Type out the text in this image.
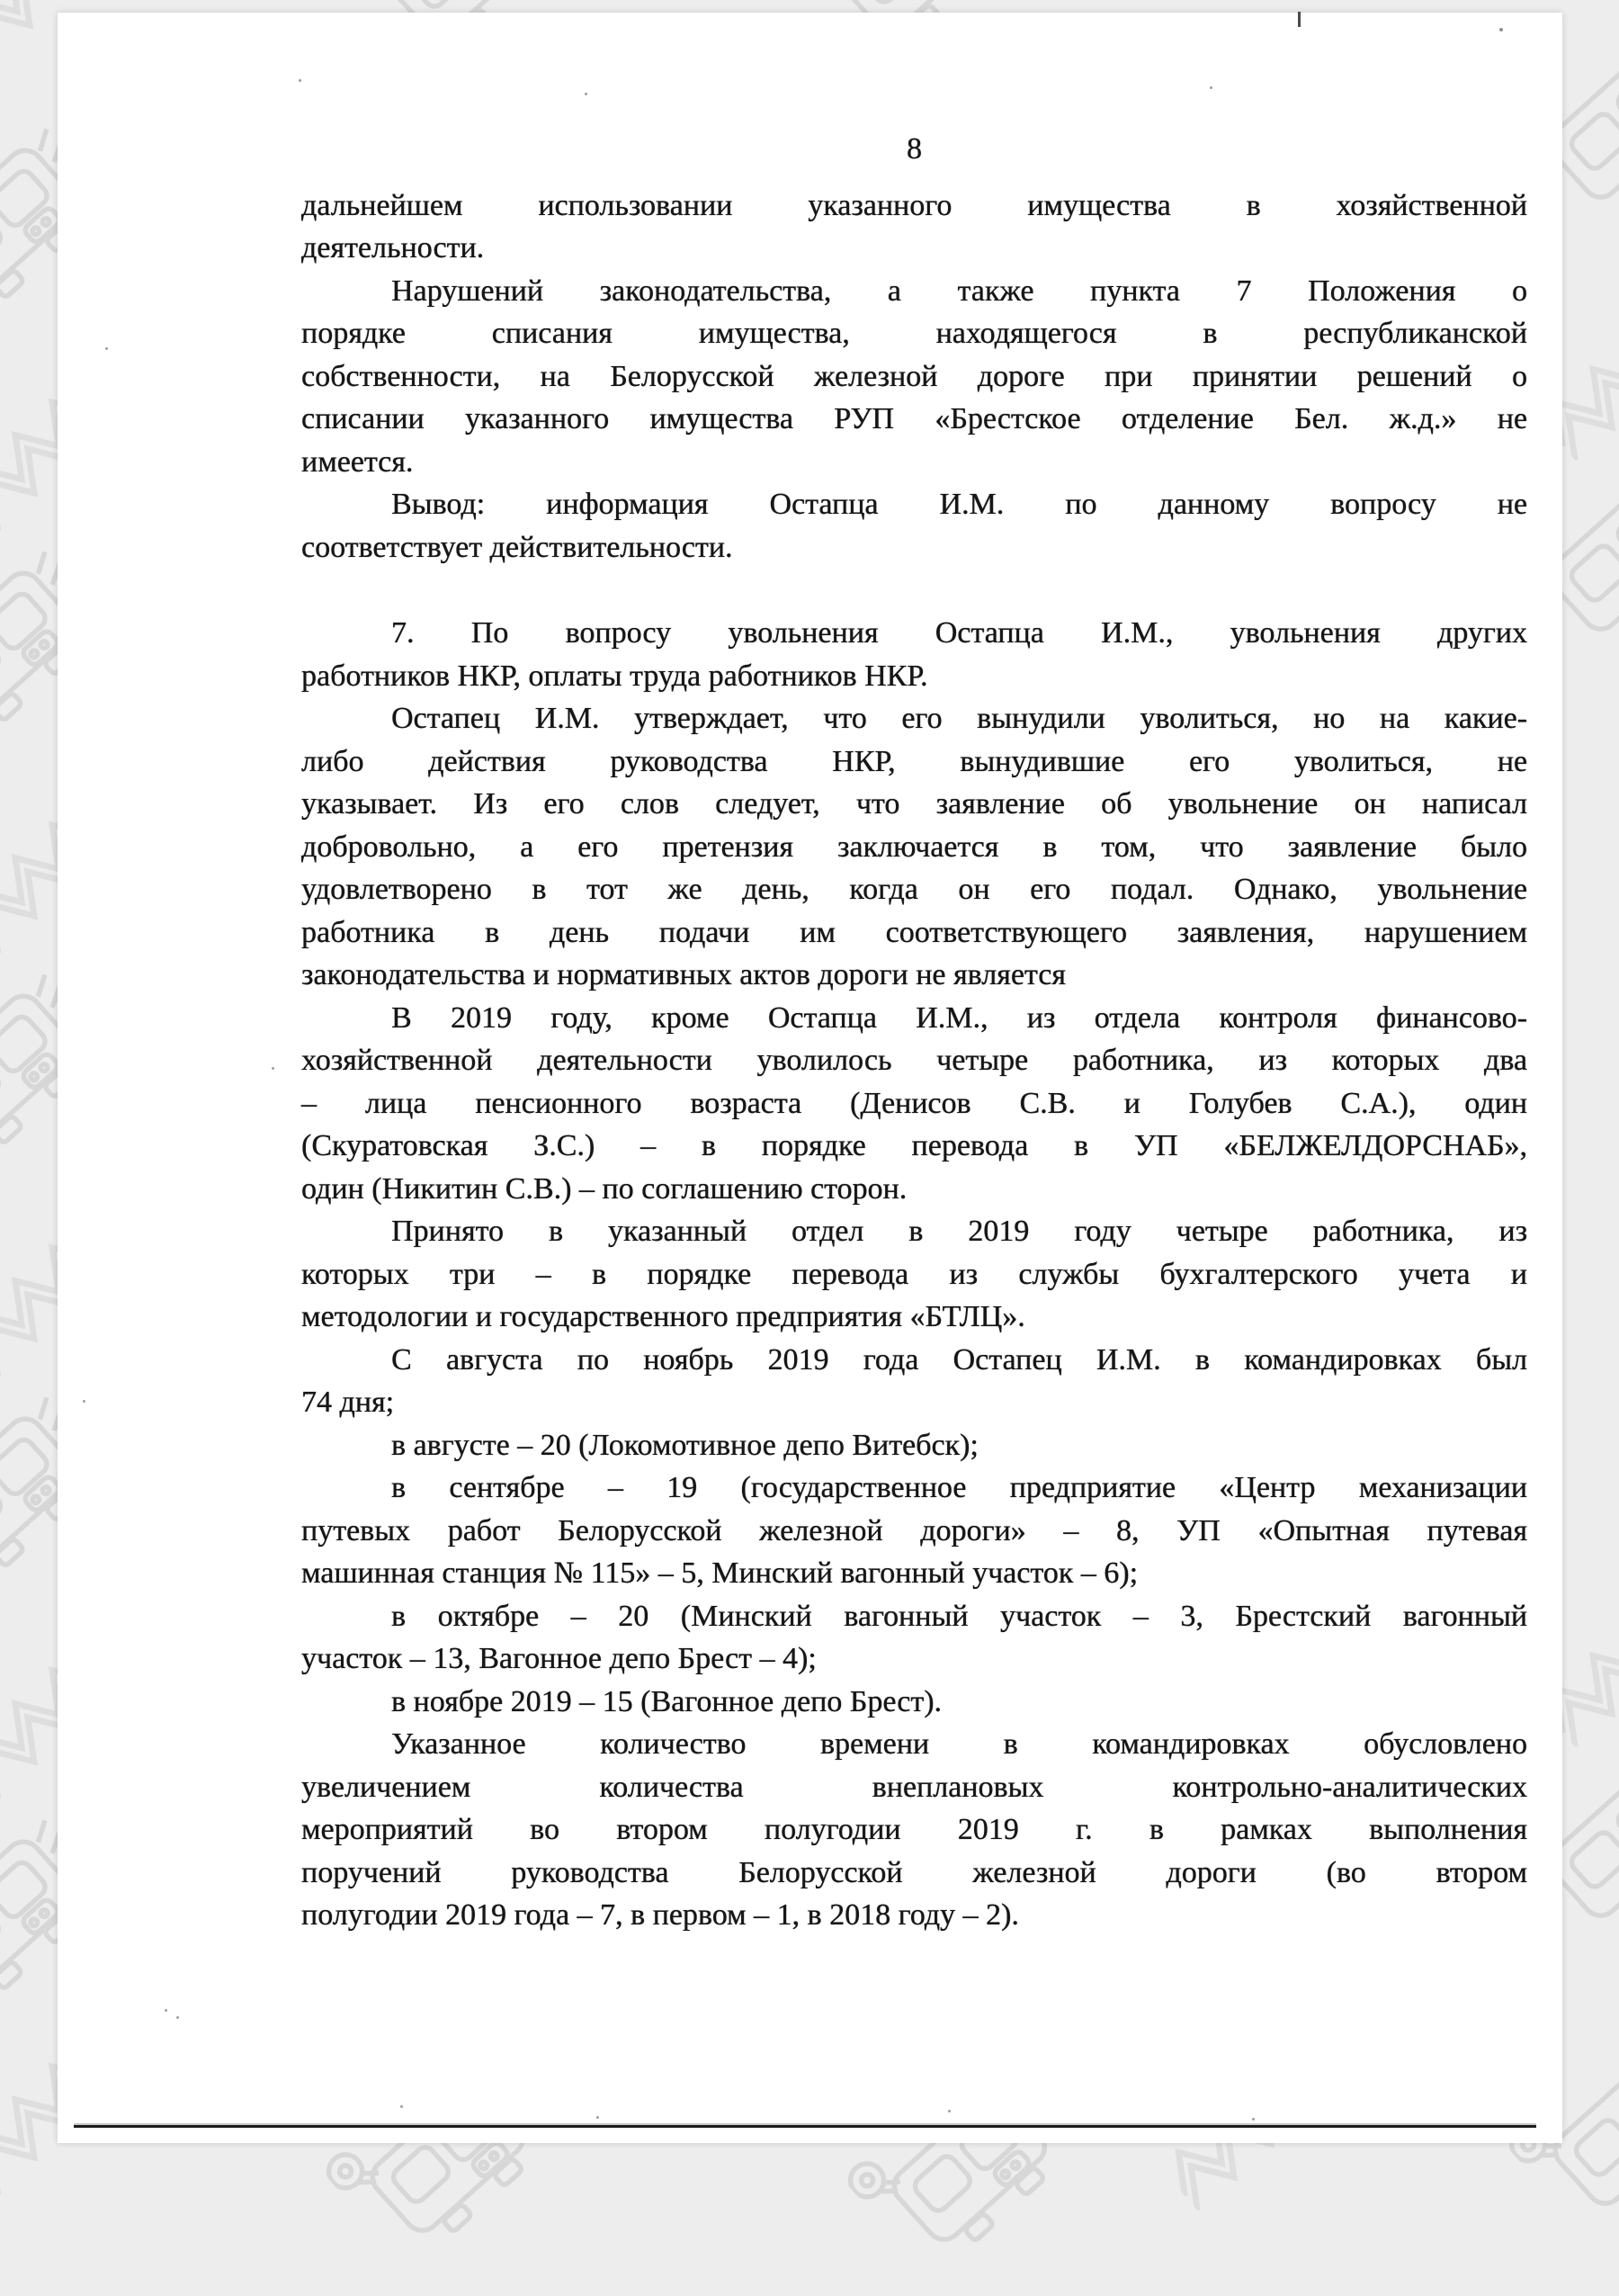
8
дальнейшем использовании указанного имущества в хозяйственной
деятельности.
Нарушений законодательства, а также пункта 7 Положения о
порядке списания имущества, находящегося в республиканской
собственности, на Белорусской железной дороге при принятии решений о
списании указанного имущества РУП «Брестское отделение Бел. ж.д.» не
имеется.
Вывод: информация Остапца И.М. по данному вопросу не
соответствует действительности.
7. По вопросу увольнения Остапца И.М., увольнения других
работников НКР, оплаты труда работников НКР.
Остапец И.М. утверждает, что его вынудили уволиться, но на какие-
либо действия руководства НКР, вынудившие его уволиться, не
указывает. Из его слов следует, что заявление об увольнение он написал
добровольно, а его претензия заключается в том, что заявление было
удовлетворено в тот же день, когда он его подал. Однако, увольнение
работника в день подачи им соответствующего заявления, нарушением
законодательства и нормативных актов дороги не является
В 2019 году, кроме Остапца И.М., из отдела контроля финансово-
хозяйственной деятельности уволилось четыре работника, из которых два
– лица пенсионного возраста (Денисов С.В. и Голубев С.А.), один
(Скуратовская З.С.) – в порядке перевода в УП «БЕЛЖЕЛДОРСНАБ»,
один (Никитин С.В.) – по соглашению сторон.
Принято в указанный отдел в 2019 году четыре работника, из
которых три – в порядке перевода из службы бухгалтерского учета и
методологии и государственного предприятия «БТЛЦ».
С августа по ноябрь 2019 года Остапец И.М. в командировках был
74 дня;
в августе – 20 (Локомотивное депо Витебск);
в сентябре – 19 (государственное предприятие «Центр механизации
путевых работ Белорусской железной дороги» – 8, УП «Опытная путевая
машинная станция № 115» – 5, Минский вагонный участок – 6);
в октябре – 20 (Минский вагонный участок – 3, Брестский вагонный
участок – 13, Вагонное депо Брест – 4);
в ноябре 2019 – 15 (Вагонное депо Брест).
Указанное количество времени в командировках обусловлено
увеличением количества внеплановых контрольно-аналитических
мероприятий во втором полугодии 2019 г. в рамках выполнения
поручений руководства Белорусской железной дороги (во втором
полугодии 2019 года – 7, в первом – 1, в 2018 году – 2).
